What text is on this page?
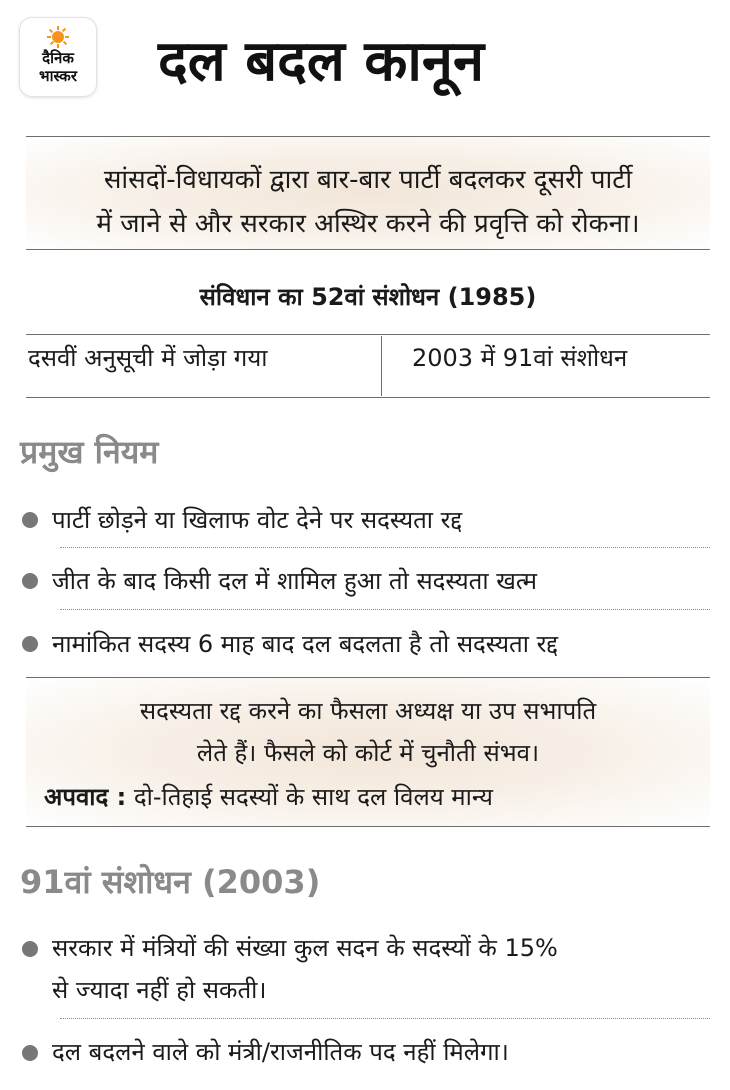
दैनिक
भास्कर	दल बदल कानून
सांसदों-विधायकों द्वारा बार-बार पार्टी बदलकर दूसरी पार्टी
में जाने से और सरकार अस्थिर करने की प्रवृत्ति को रोकना।
संविधान का 52वां संशोधन (1985)
दसवीं अनुसूची में जोड़ा गया	2003 में 91वां संशोधन
प्रमुख नियम
पार्टी छोड़ने या खिलाफ वोट देने पर सदस्यता रद्द
जीत के बाद किसी दल में शामिल हुआ तो सदस्यता खत्म
नामांकित सदस्य 6 माह बाद दल बदलता है तो सदस्यता रद्द
सदस्यता रद्द करने का फैसला अध्यक्ष या उप सभापति
लेते हैं। फैसले को कोर्ट में चुनौती संभव।
अपवाद : दो-तिहाई सदस्यों के साथ दल विलय मान्य
91वां संशोधन (2003)
सरकार में मंत्रियों की संख्या कुल सदन के सदस्यों के 15%
से ज्यादा नहीं हो सकती।
दल बदलने वाले को मंत्री/राजनीतिक पद नहीं मिलेगा।
